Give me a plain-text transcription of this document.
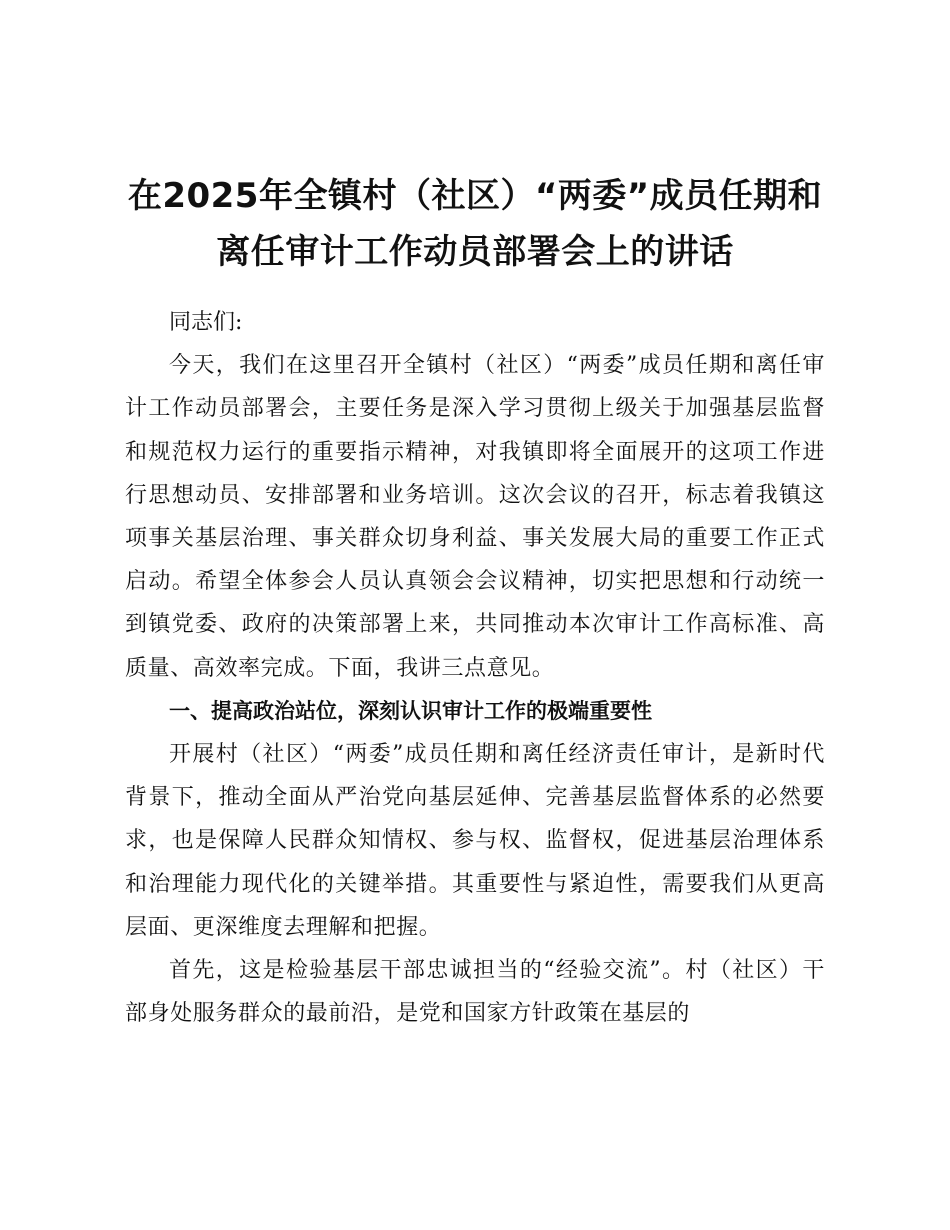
在2025年全镇村（社区）“两委”成员任期和
离任审计工作动员部署会上的讲话

同志们:

今天，我们在这里召开全镇村（社区）“两委”成员任期和离任审计工作动员部署会，主要任务是深入学习贯彻上级关于加强基层监督和规范权力运行的重要指示精神，对我镇即将全面展开的这项工作进行思想动员、安排部署和业务培训。这次会议的召开，标志着我镇这项事关基层治理、事关群众切身利益、事关发展大局的重要工作正式启动。希望全体参会人员认真领会会议精神，切实把思想和行动统一到镇党委、政府的决策部署上来，共同推动本次审计工作高标准、高质量、高效率完成。下面，我讲三点意见。

一、提高政治站位，深刻认识审计工作的极端重要性

开展村（社区）“两委”成员任期和离任经济责任审计，是新时代背景下，推动全面从严治党向基层延伸、完善基层监督体系的必然要求，也是保障人民群众知情权、参与权、监督权，促进基层治理体系和治理能力现代化的关键举措。其重要性与紧迫性，需要我们从更高层面、更深维度去理解和把握。

首先，这是检验基层干部忠诚担当的“经验交流”。村（社区）干部身处服务群众的最前沿，是党和国家方针政策在基层的
